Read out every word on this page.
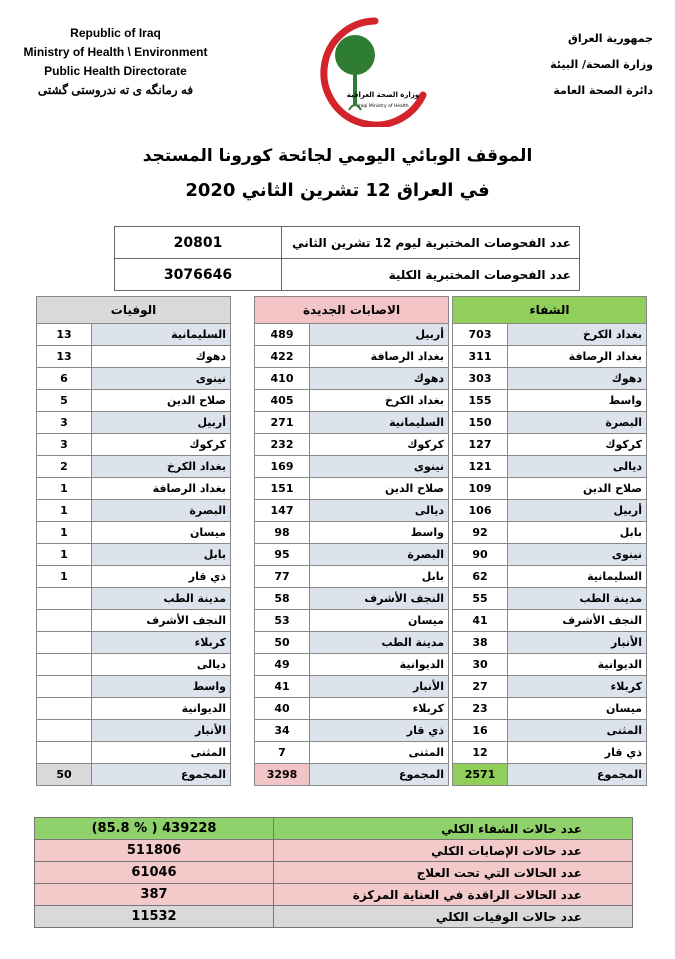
Republic of Iraq
Ministry of Health \ Environment
Public Health Directorate
فه رمانگه ى ته ندروستى گشتى	وزارة الصحة العراقية
Iraqi Ministry of Health
جمهورية العراق
وزارة الصحة/ البيئة
دائرة الصحة العامة
الموقف الوبائي اليومي لجائحة كورونا المستجد
في العراق 12 تشرين الثاني 2020
عدد الفحوصات المختبرية ليوم 12 تشرين الثاني	20801
عدد الفحوصات المختبرية الكلية	3076646
الشفاء	
بغداد الكرخ	703
بغداد الرصافة	311
دهوك	303
واسط	155
البصرة	150
كركوك	127
ديالى	121
صلاح الدين	109
أربيل	106
بابل	92
نينوى	90
السليمانية	62
مدينة الطب	55
النجف الأشرف	41
الأنبار	38
الديوانية	30
كربلاء	27
ميسان	23
المثنى	16
ذي قار	12
المجموع	2571
الاصابات الجديدة	
أربيل	489
بغداد الرصافة	422
دهوك	410
بغداد الكرخ	405
السليمانية	271
كركوك	232
نينوى	169
صلاح الدين	151
ديالى	147
واسط	98
البصرة	95
بابل	77
النجف الأشرف	58
ميسان	53
مدينة الطب	50
الديوانية	49
الأنبار	41
كربلاء	40
ذي قار	34
المثنى	7
المجموع	3298
الوفيات	
السليمانية	13
دهوك	13
نينوى	6
صلاح الدين	5
أربيل	3
كركوك	3
بغداد الكرخ	2
بغداد الرصافة	1
البصرة	1
ميسان	1
بابل	1
ذي قار	1
مدينة الطب	
النجف الأشرف	
كربلاء	
ديالى	
واسط	
الديوانية	
الأنبار	
المثنى	
المجموع	50
عدد حالات الشفاء الكلي	(85.8 % ) 439228
عدد حالات الإصابات الكلي	511806
عدد الحالات التي تحت العلاج	61046
عدد الحالات الراقدة في العناية المركزة	387
عدد حالات الوفيات الكلي	11532
